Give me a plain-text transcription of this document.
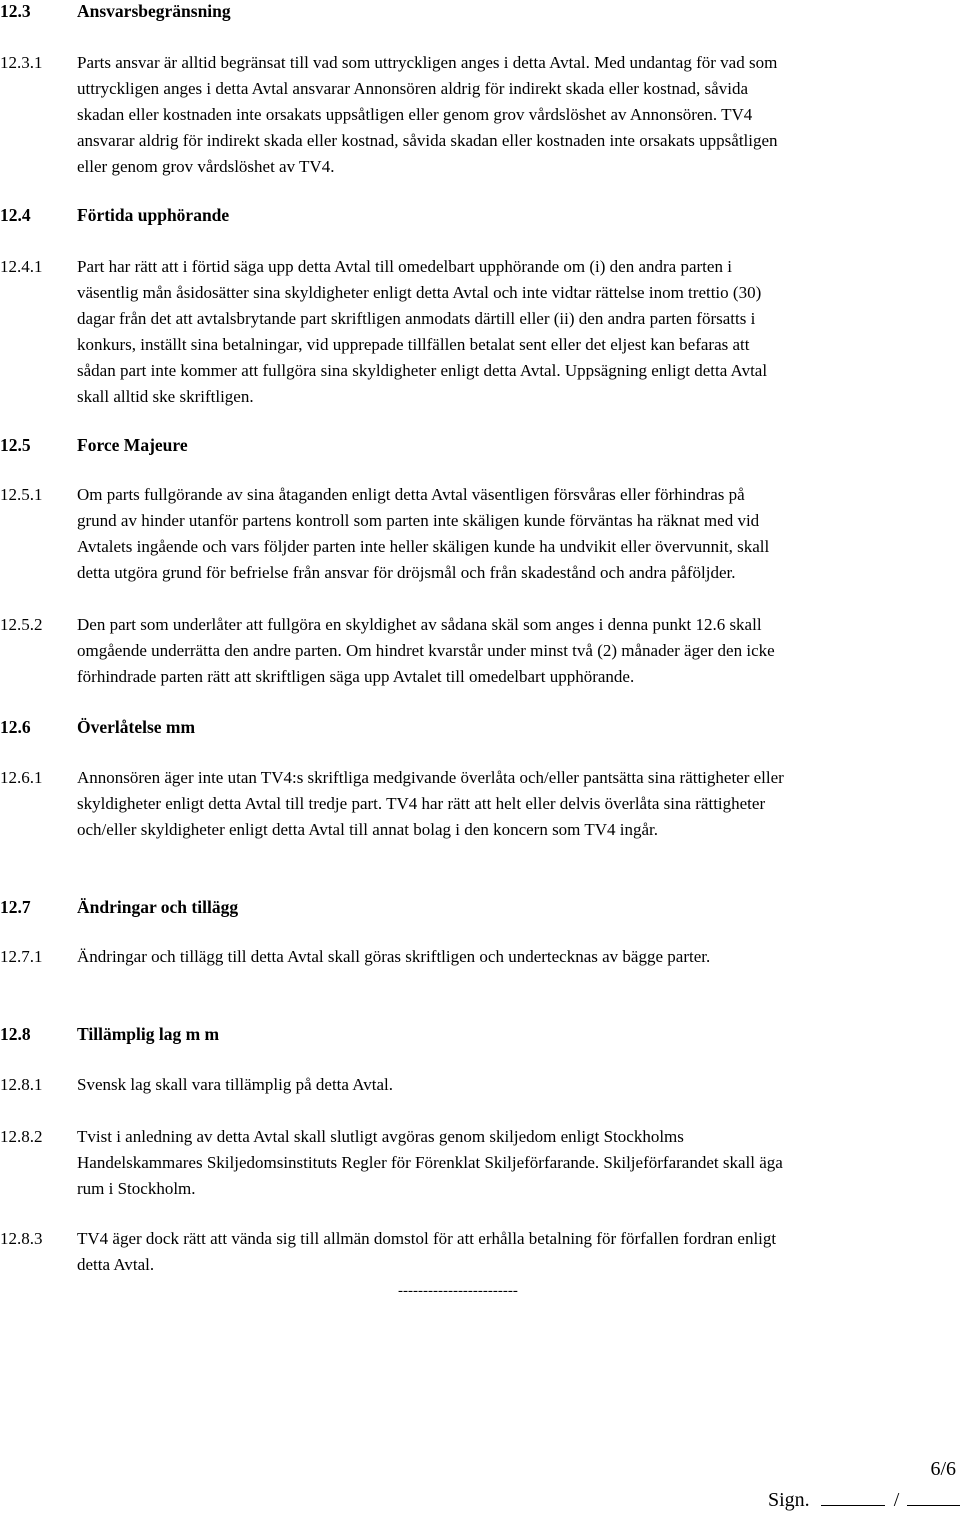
12.3	Ansvarsbegränsning
12.3.1	Parts ansvar är alltid begränsat till vad som uttryckligen anges i detta Avtal. Med undantag för vad som
uttryckligen anges i detta Avtal ansvarar Annonsören aldrig för indirekt skada eller kostnad, såvida
skadan eller kostnaden inte orsakats uppsåtligen eller genom grov vårdslöshet av Annonsören. TV4
ansvarar aldrig för indirekt skada eller kostnad, såvida skadan eller kostnaden inte orsakats uppsåtligen
eller genom grov vårdslöshet av TV4.
12.4	Förtida upphörande
12.4.1	Part har rätt att i förtid säga upp detta Avtal till omedelbart upphörande om (i) den andra parten i
väsentlig mån åsidosätter sina skyldigheter enligt detta Avtal och inte vidtar rättelse inom trettio (30)
dagar från det att avtalsbrytande part skriftligen anmodats därtill eller (ii) den andra parten försatts i
konkurs, inställt sina betalningar, vid upprepade tillfällen betalat sent eller det eljest kan befaras att
sådan part inte kommer att fullgöra sina skyldigheter enligt detta Avtal. Uppsägning enligt detta Avtal
skall alltid ske skriftligen.
12.5	Force Majeure
12.5.1	Om parts fullgörande av sina åtaganden enligt detta Avtal väsentligen försvåras eller förhindras på
grund av hinder utanför partens kontroll som parten inte skäligen kunde förväntas ha räknat med vid
Avtalets ingående och vars följder parten inte heller skäligen kunde ha undvikit eller övervunnit, skall
detta utgöra grund för befrielse från ansvar för dröjsmål och från skadestånd och andra påföljder.
12.5.2	Den part som underlåter att fullgöra en skyldighet av sådana skäl som anges i denna punkt 12.6 skall
omgående underrätta den andre parten. Om hindret kvarstår under minst två (2) månader äger den icke
förhindrade parten rätt att skriftligen säga upp Avtalet till omedelbart upphörande.
12.6	Överlåtelse mm
12.6.1	Annonsören äger inte utan TV4:s skriftliga medgivande överlåta och/eller pantsätta sina rättigheter eller
skyldigheter enligt detta Avtal till tredje part. TV4 har rätt att helt eller delvis överlåta sina rättigheter
och/eller skyldigheter enligt detta Avtal till annat bolag i den koncern som TV4 ingår.
12.7	Ändringar och tillägg
12.7.1	Ändringar och tillägg till detta Avtal skall göras skriftligen och undertecknas av bägge parter.
12.8	Tillämplig lag m m
12.8.1	Svensk lag skall vara tillämplig på detta Avtal.
12.8.2	Tvist i anledning av detta Avtal skall slutligt avgöras genom skiljedom enligt Stockholms
Handelskammares Skiljedomsinstituts Regler för Förenklat Skiljeförfarande. Skiljeförfarandet skall äga
rum i Stockholm.
12.8.3	TV4 äger dock rätt att vända sig till allmän domstol för att erhålla betalning för förfallen fordran enligt
detta Avtal.
------------------------
6/6
Sign.	/
